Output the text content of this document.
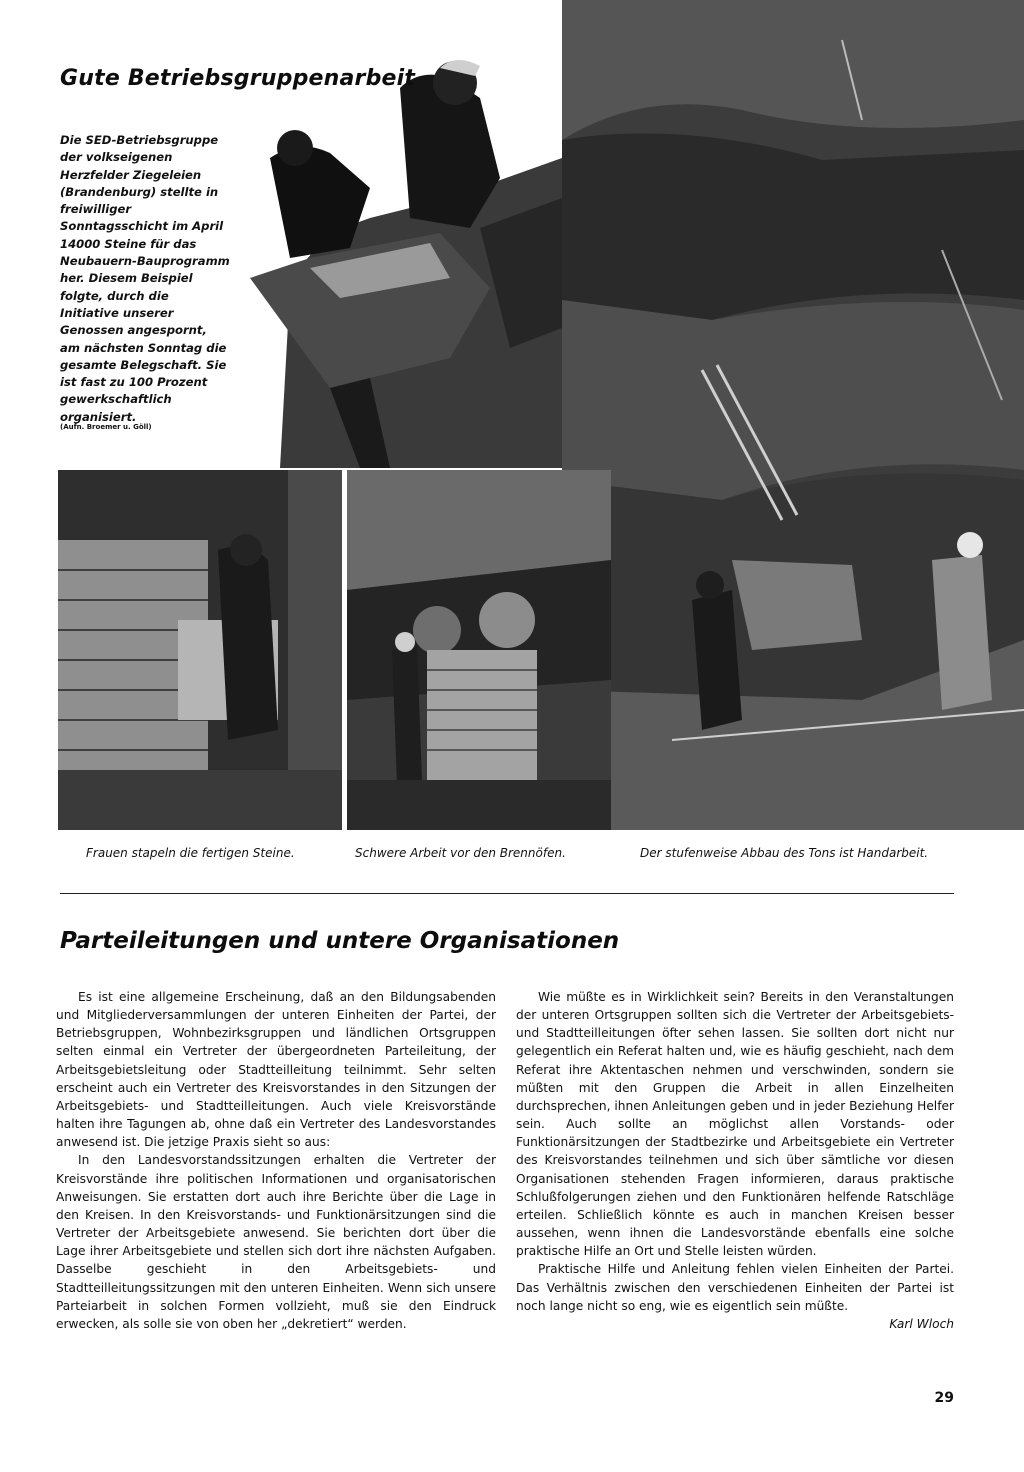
Gute Betriebsgruppenarbeit

Die SED-Betriebsgruppe der volkseigenen Herzfelder Ziegeleien (Brandenburg) stellte in freiwilliger Sonntagsschicht im April 14000 Steine für das Neubauern-Bauprogramm her. Diesem Beispiel folgte, durch die Initiative unserer Genossen angespornt, am nächsten Sonntag die gesamte Belegschaft. Sie ist fast zu 100 Prozent gewerkschaftlich organisiert.

(Aufn. Broemer u. Göll)
Frauen stapeln die fertigen Steine.	Schwere Arbeit vor den Brennöfen.	Der stufenweise Abbau des Tons ist Handarbeit.
Parteileitungen und untere Organisationen

Es ist eine allgemeine Erscheinung, daß an den Bildungsabenden und Mitgliederversammlungen der unteren Einheiten der Partei, der Betriebsgruppen, Wohnbezirksgruppen und ländlichen Ortsgruppen selten einmal ein Vertreter der übergeordneten Parteileitung, der Arbeitsgebietsleitung oder Stadtteilleitung teilnimmt. Sehr selten erscheint auch ein Vertreter des Kreisvorstandes in den Sitzungen der Arbeitsgebiets- und Stadtteilleitungen. Auch viele Kreisvorstände halten ihre Tagungen ab, ohne daß ein Vertreter des Landesvorstandes anwesend ist. Die jetzige Praxis sieht so aus:

In den Landesvorstandssitzungen erhalten die Vertreter der Kreisvorstände ihre politischen Informationen und organisatorischen Anweisungen. Sie erstatten dort auch ihre Berichte über die Lage in den Kreisen. In den Kreisvorstands- und Funktionärsitzungen sind die Vertreter der Arbeitsgebiete anwesend. Sie berichten dort über die Lage ihrer Arbeitsgebiete und stellen sich dort ihre nächsten Aufgaben. Dasselbe geschieht in den Arbeitsgebiets- und Stadtteilleitungssitzungen mit den unteren Einheiten. Wenn sich unsere Parteiarbeit in solchen Formen vollzieht, muß sie den Eindruck erwecken, als solle sie von oben her „dekretiert“ werden.

Wie müßte es in Wirklichkeit sein? Bereits in den Veranstaltungen der unteren Ortsgruppen sollten sich die Vertreter der Arbeitsgebiets- und Stadtteilleitungen öfter sehen lassen. Sie sollten dort nicht nur gelegentlich ein Referat halten und, wie es häufig geschieht, nach dem Referat ihre Aktentaschen nehmen und verschwinden, sondern sie müßten mit den Gruppen die Arbeit in allen Einzelheiten durchsprechen, ihnen Anleitungen geben und in jeder Beziehung Helfer sein. Auch sollte an möglichst allen Vorstands- oder Funktionärsitzungen der Stadtbezirke und Arbeitsgebiete ein Vertreter des Kreisvorstandes teilnehmen und sich über sämtliche vor diesen Organisationen stehenden Fragen informieren, daraus praktische Schlußfolgerungen ziehen und den Funktionären helfende Ratschläge erteilen. Schließlich könnte es auch in manchen Kreisen besser aussehen, wenn ihnen die Landesvorstände ebenfalls eine solche praktische Hilfe an Ort und Stelle leisten würden.

Praktische Hilfe und Anleitung fehlen vielen Einheiten der Partei. Das Verhältnis zwischen den verschiedenen Einheiten der Partei ist noch lange nicht so eng, wie es eigentlich sein müßte.

Karl Wloch

29
